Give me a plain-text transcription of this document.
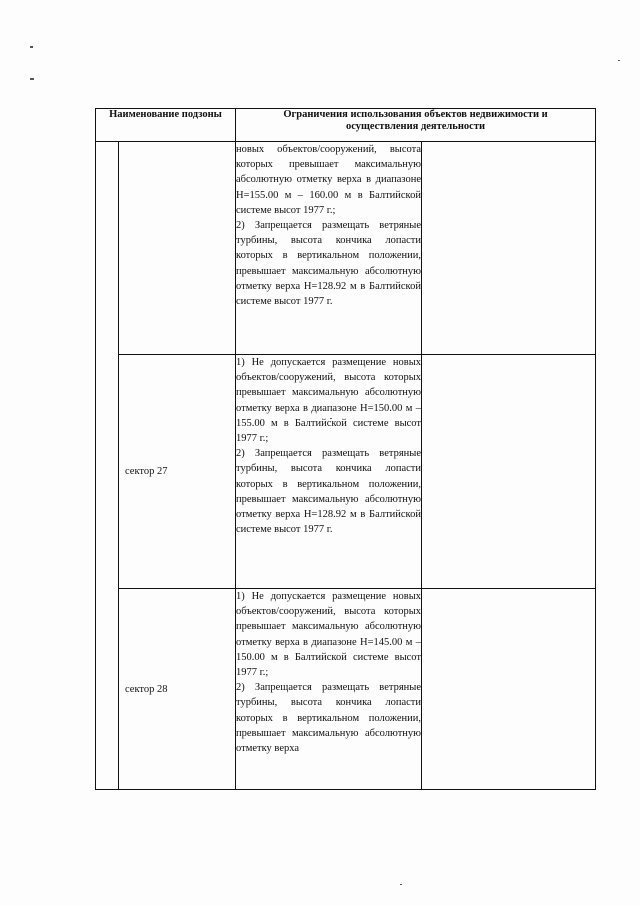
Наименование подзоны		Ограничения использования объектов недвижимости и
осуществления деятельности	

		новых объектов/сооружений, высота которых превышает максимальную абсолютную отметку верха в диапазоне H=155.00 м – 160.00 м в Балтийской системе высот 1977 г.;

2) Запрещается размещать ветряные турбины, высота кончика лопасти которых в вертикальном положении, превышает максимальную абсолютную отметку верха H=128.92 м в Балтийской системе высот 1977 г.	

	сектор 27	1) Не допускается размещение новых объектов/сооружений, высота которых превышает максимальную абсолютную отметку верха в диапазоне H=150.00 м – 155.00 м в Балтийской системе высот 1977 г.;

2) Запрещается размещать ветряные турбины, высота кончика лопасти которых в вертикальном положении, превышает максимальную абсолютную отметку верха H=128.92 м в Балтийской системе высот 1977 г.	

	сектор 28	1) Не допускается размещение новых объектов/сооружений, высота которых превышает максимальную абсолютную отметку верха в диапазоне H=145.00 м – 150.00 м в Балтийской системе высот 1977 г.;

2) Запрещается размещать ветряные турбины, высота кончика лопасти которых в вертикальном положении, превышает максимальную абсолютную отметку верха	
